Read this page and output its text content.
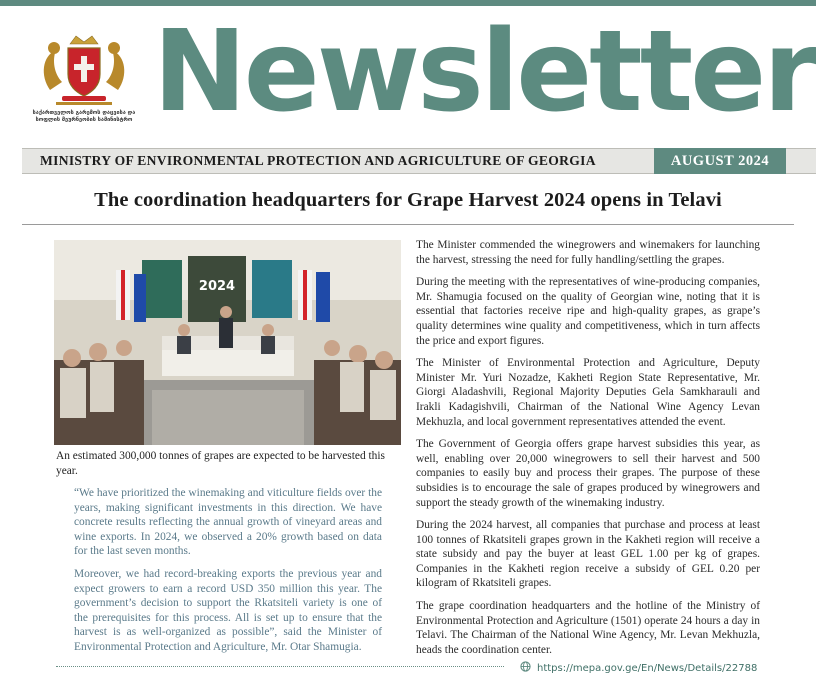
საქართველოს გარემოს დაცვისა და სოფლის მეურნეობის სამინისტრო Newsletter
MINISTRY OF ENVIRONMENTAL PROTECTION AND AGRICULTURE OF GEORGIA	AUGUST 2024
The coordination headquarters for Grape Harvest 2024 opens in Telavi
2024
An estimated 300,000 tonnes of grapes are expected to be harvested this year.

“We have prioritized the winemaking and viticulture fields over the years, making significant investments in this direction. We have concrete results reflecting the annual growth of vineyard areas and wine exports. In 2024, we observed a 20% growth based on data for the last seven months.

Moreover, we had record-breaking exports the previous year and expect growers to earn a record USD 350 million this year. The government’s decision to support the Rkatsiteli variety is one of the prerequisites for this process. All is set up to ensure that the harvest is as well-organized as possible”, said the Minister of Environmental Protection and Agriculture, Mr. Otar Shamugia.

The Minister commended the winegrowers and winemakers for launching the harvest, stressing the need for fully handling/settling the grapes.

During the meeting with the representatives of wine-producing companies, Mr. Shamugia focused on the quality of Georgian wine, noting that it is essential that factories receive ripe and high-quality grapes, as grape’s quality determines wine quality and competitiveness, which in turn affects the price and export figures.

The Minister of Environmental Protection and Agriculture, Deputy Minister Mr. Yuri Nozadze, Kakheti Region State Representative, Mr. Giorgi Aladashvili, Regional Majority Deputies Gela Samkharauli and Irakli Kadagishvili, Chairman of the National Wine Agency Levan Mekhuzla, and local government representatives attended the event.

The Government of Georgia offers grape harvest subsidies this year, as well, enabling over 20,000 winegrowers to sell their harvest and 500 companies to easily buy and process their grapes. The purpose of these subsidies is to encourage the sale of grapes produced by winegrowers and support the steady growth of the winemaking industry.

During the 2024 harvest, all companies that purchase and process at least 100 tonnes of Rkatsiteli grapes grown in the Kakheti region will receive a state subsidy and pay the buyer at least GEL 1.00 per kg of grapes. Companies in the Kakheti region receive a subsidy of GEL 0.20 per kilogram of Rkatsiteli grapes.

The grape coordination headquarters and the hotline of the Ministry of Environmental Protection and Agriculture (1501) operate 24 hours a day in Telavi. The Chairman of the National Wine Agency, Mr. Levan Mekhuzla, heads the coordination center.

https://mepa.gov.ge/En/News/Details/22788
